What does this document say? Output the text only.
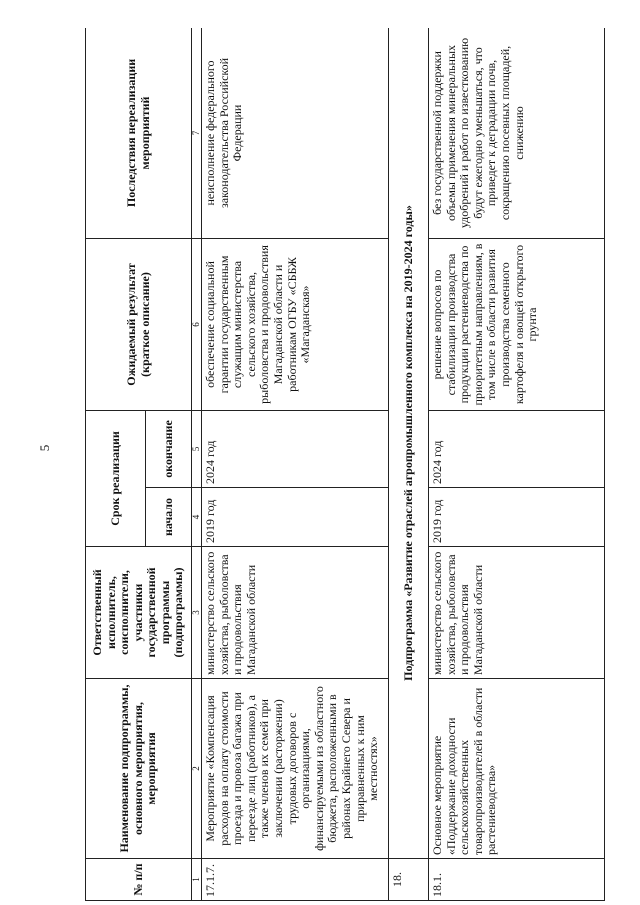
5
№ п/п	Наименование подпрограммы, основного мероприятия, мероприятия	Ответственный исполнитель, соисполнители, участники государственной программы (подпрограммы)	Срок реализации		Ожидаемый результат (краткое описание)	Последствия нереализации мероприятий
			начало	окончание		
1	2	3	4	5	6	7
17.1.7.	Мероприятие «Компенсация расходов на оплату стоимости проезда и провоза багажа при переезде лиц (работников), а также членов их семей при заключении (расторжении) трудовых договоров с организациями, финансируемыми из областного бюджета, расположенными в районах Крайнего Севера и приравненных к ним местностях»	министерство сельского хозяйства, рыболовства и продовольствия Магаданской области	2019 год	2024 год	обеспечение социальной гарантии государственным служащим министерства сельского хозяйства, рыболовства и продовольствия Магаданской области и работникам ОГБУ «СББЖ «Магаданская»	неисполнение федерального законодательства Российской Федерации
18.	Подпрограмма «Развитие отраслей агропромышленного комплекса на 2019-2024 годы»					
18.1.	Основное мероприятие «Поддержание доходности сельскохозяйственных товаропроизводителей в области растениеводства»	министерство сельского хозяйства, рыболовства и продовольствия Магаданской области	2019 год	2024 год	решение вопросов по стабилизации производства продукции растениеводства по приоритетным направлениям, в том числе в области развития производства семенного картофеля и овощей открытого грунта	без государственной поддержки объемы применения минеральных удобрений и работ по известкованию будут ежегодно уменьшаться, что приведет к деградации почв, сокращению посевных площадей, снижению
